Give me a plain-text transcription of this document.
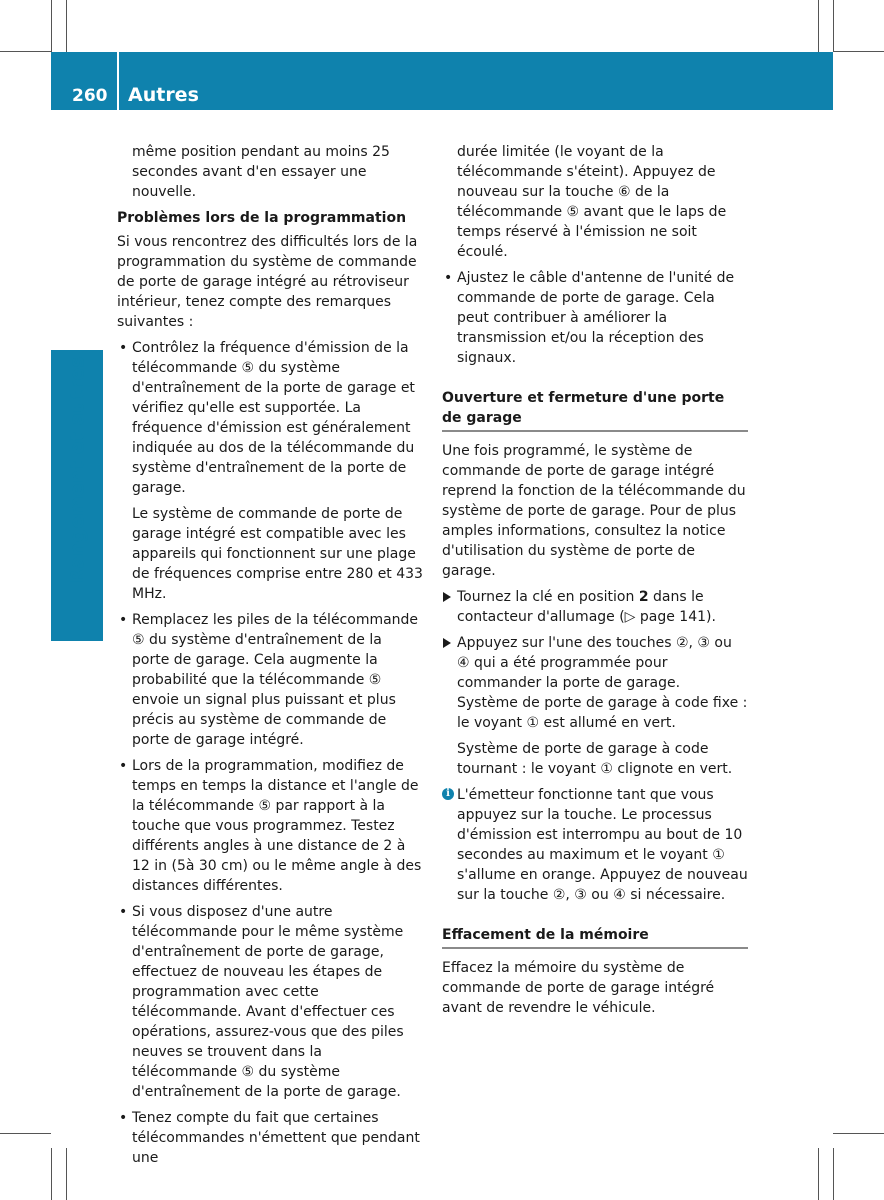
260 Autres
Rangement et autres

même position pendant au moins 25 secondes avant d'en essayer une nouvelle.

Problèmes lors de la programmation

Si vous rencontrez des difficultés lors de la programmation du système de commande de porte de garage intégré au rétroviseur intérieur, tenez compte des remarques suivantes :

• Contrôlez la fréquence d'émission de la télécommande ⑤ du système d'entraînement de la porte de garage et vérifiez qu'elle est supportée. La fréquence d'émission est généralement indiquée au dos de la télécommande du système d'entraînement de la porte de garage.

Le système de commande de porte de garage intégré est compatible avec les appareils qui fonctionnent sur une plage de fréquences comprise entre 280 et 433 MHz.

• Remplacez les piles de la télécommande ⑤ du système d'entraînement de la porte de garage. Cela augmente la probabilité que la télécommande ⑤ envoie un signal plus puissant et plus précis au système de commande de porte de garage intégré.

• Lors de la programmation, modifiez de temps en temps la distance et l'angle de la télécommande ⑤ par rapport à la touche que vous programmez. Testez différents angles à une distance de 2 à 12 in (5à 30 cm) ou le même angle à des distances différentes.

• Si vous disposez d'une autre télécommande pour le même système d'entraînement de porte de garage, effectuez de nouveau les étapes de programmation avec cette télécommande. Avant d'effectuer ces opérations, assurez-vous que des piles neuves se trouvent dans la télécommande ⑤ du système d'entraînement de la porte de garage.

• Tenez compte du fait que certaines télécommandes n'émettent que pendant une

durée limitée (le voyant de la télécommande s'éteint). Appuyez de nouveau sur la touche ⑥ de la télécommande ⑤ avant que le laps de temps réservé à l'émission ne soit écoulé.

• Ajustez le câble d'antenne de l'unité de commande de porte de garage. Cela peut contribuer à améliorer la transmission et/ou la réception des signaux.

Ouverture et fermeture d'une porte de garage

Une fois programmé, le système de commande de porte de garage intégré reprend la fonction de la télécommande du système de porte de garage. Pour de plus amples informations, consultez la notice d'utilisation du système de porte de garage.

Tournez la clé en position 2 dans le contacteur d'allumage (▷ page 141).

Appuyez sur l'une des touches ②, ③ ou ④ qui a été programmée pour commander la porte de garage.

Système de porte de garage à code fixe : le voyant ① est allumé en vert.

Système de porte de garage à code tournant : le voyant ① clignote en vert.

i L'émetteur fonctionne tant que vous appuyez sur la touche. Le processus d'émission est interrompu au bout de 10 secondes au maximum et le voyant ① s'allume en orange. Appuyez de nouveau sur la touche ②, ③ ou ④ si nécessaire.

Effacement de la mémoire

Effacez la mémoire du système de commande de porte de garage intégré avant de revendre le véhicule.
